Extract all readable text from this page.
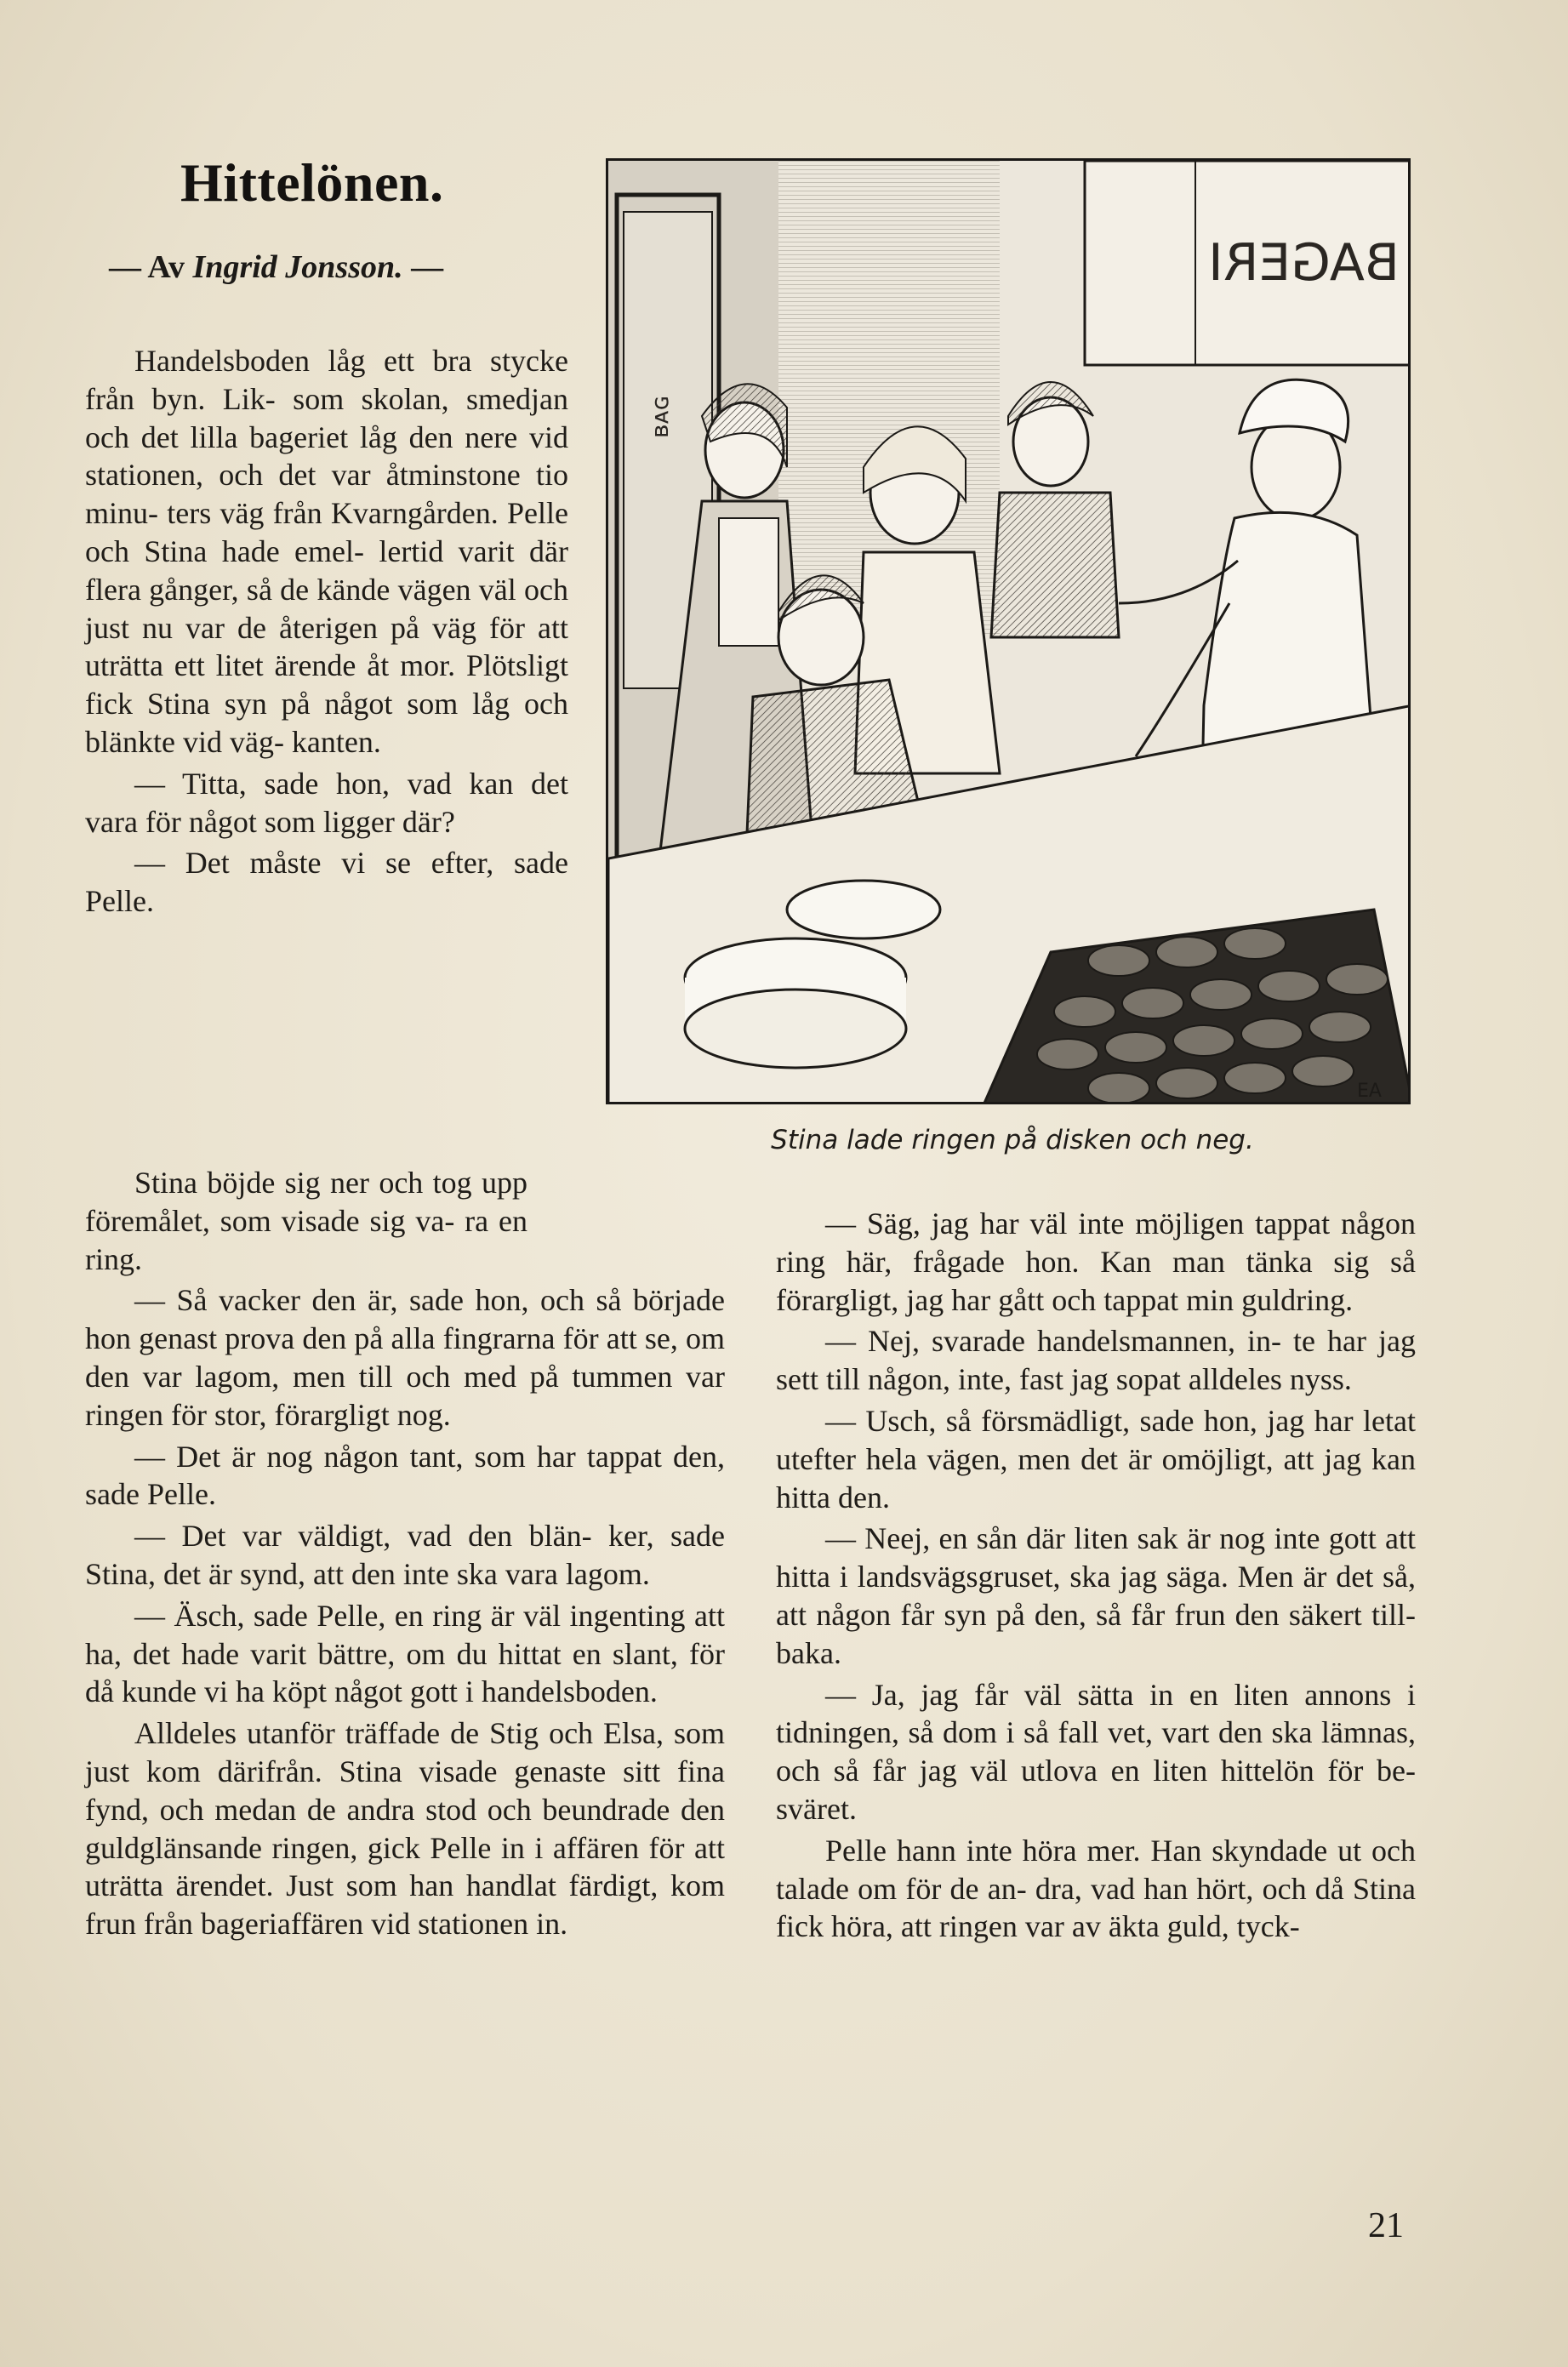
Hittelönen.
— Av Ingrid Jonsson. —

Handelsboden låg ett bra stycke från byn. Lik- som skolan, smedjan och det lilla bageriet låg den nere vid stationen, och det var åtminstone tio minu- ters väg från Kvarngården. Pelle och Stina hade emel- lertid varit där flera gånger, så de kände vägen väl och just nu var de återigen på väg för att uträtta ett litet ärende åt mor. Plötsligt fick Stina syn på något som låg och blänkte vid väg- kanten.

— Titta, sade hon, vad kan det vara för något som ligger där?

— Det måste vi se efter, sade Pelle.

ʙᴀɢ
BAGERI
EA
Stina lade ringen på disken och neg.

Stina böjde sig ner och tog upp föremålet, som visade sig va- ra en ring.

— Så vacker den är, sade hon, och så började hon genast prova den på alla fingrarna för att se, om den var lagom, men till och med på tummen var ringen för stor, förargligt nog.

— Det är nog någon tant, som har tappat den, sade Pelle.

— Det var väldigt, vad den blän- ker, sade Stina, det är synd, att den inte ska vara lagom.

— Äsch, sade Pelle, en ring är väl ingenting att ha, det hade varit bättre, om du hittat en slant, för då kunde vi ha köpt något gott i handelsboden.

Alldeles utanför träffade de Stig och Elsa, som just kom därifrån. Stina visade genaste sitt fina fynd, och medan de andra stod och beundrade den guldglänsande ringen, gick Pelle in i affären för att uträtta ärendet. Just som han handlat färdigt, kom frun från bageriaffären vid stationen in.

— Säg, jag har väl inte möjligen tappat någon ring här, frågade hon. Kan man tänka sig så förargligt, jag har gått och tappat min guldring.

— Nej, svarade handelsmannen, in- te har jag sett till någon, inte, fast jag sopat alldeles nyss.

— Usch, så försmädligt, sade hon, jag har letat utefter hela vägen, men det är omöjligt, att jag kan hitta den.

— Neej, en sån där liten sak är nog inte gott att hitta i landsvägsgruset, ska jag säga. Men är det så, att någon får syn på den, så får frun den säkert till- baka.

— Ja, jag får väl sätta in en liten annons i tidningen, så dom i så fall vet, vart den ska lämnas, och så får jag väl utlova en liten hittelön för be- sväret.

Pelle hann inte höra mer. Han skyndade ut och talade om för de an- dra, vad han hört, och då Stina fick höra, att ringen var av äkta guld, tyck-

21
